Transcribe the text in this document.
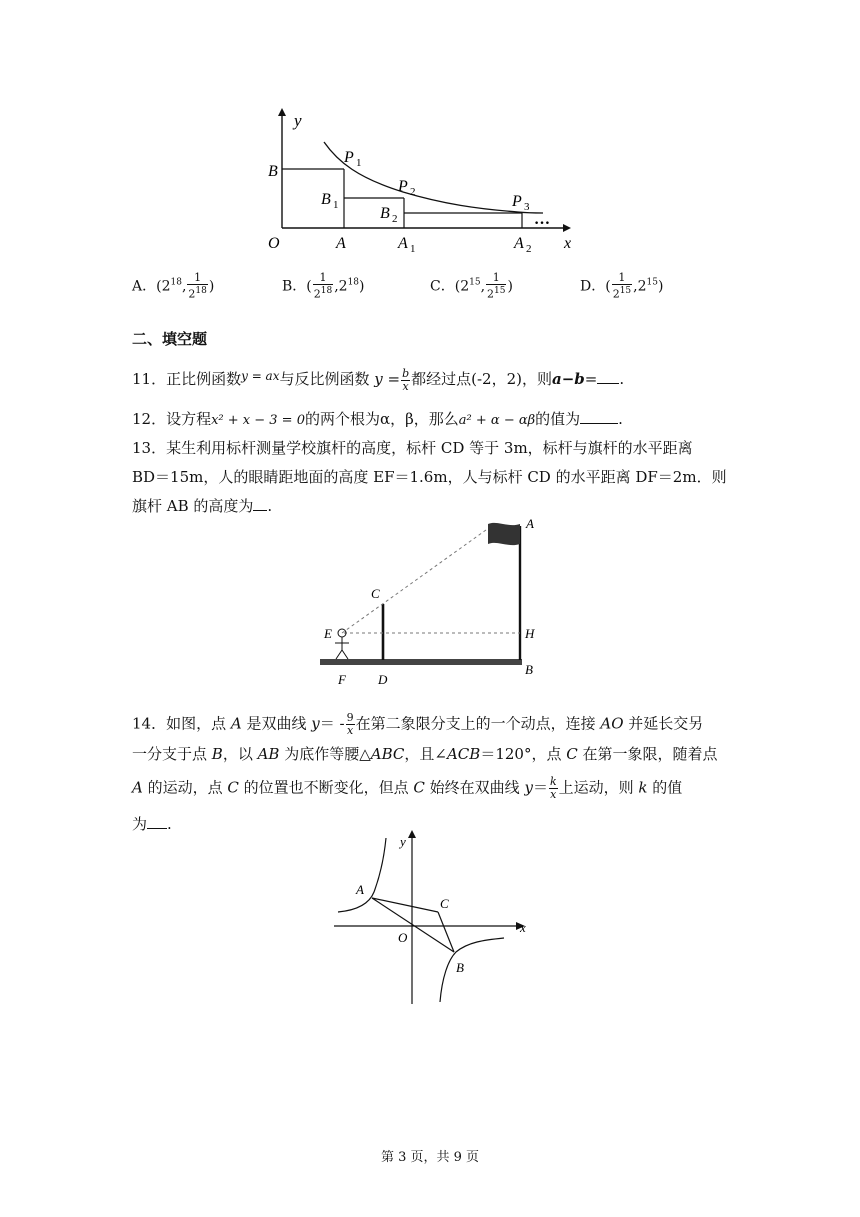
y
x
O
B
P 1
P 2
P 3
…
B 1	B 2
A	A 1	A 2
A．($2^{18}$, $\frac{1}{2^{18}}$ )	B．( $\frac{1}{2^{18}} ,2^{18}$)	C．($2^{15}$, $\frac{1}{2^{15}}$ )	D．( $\frac{1}{2^{15}} ,2^{15}$)
二、填空题
11．正比例函数$^{y = ax}$与反比例函数 $y = \frac{b}{x}$ 都经过点(-2，2)，则a−b= .
12．设方程x² + x − 3 = 0的两个根为α，β，那么a² + α − αβ的值为	.
13．某生利用标杆测量学校旗杆的高度，标杆 CD 等于 3m，标杆与旗杆的水平距离
BD＝15m，人的眼睛距地面的高度 EF＝1.6m，人与标杆 CD 的水平距离 DF＝2m．则
旗杆 AB 的高度为 .
A
C
E	H
F D
B
14．如图，点 A 是双曲线 $y= - \frac{9}{x}$ 在第二象限分支上的一个动点，连接 AO 并延长交另
一分支于点 B，以 AB 为底作等腰△ABC，且∠ACB＝120°，点 C 在第一象限，随着点
A 的运动，点 C 的位置也不断变化，但点 C 始终在双曲线 $y= \frac{k}{x}$ 上运动，则 k 的值
为 .
y
x
A
C
O
B
第 3 页，共 9 页
